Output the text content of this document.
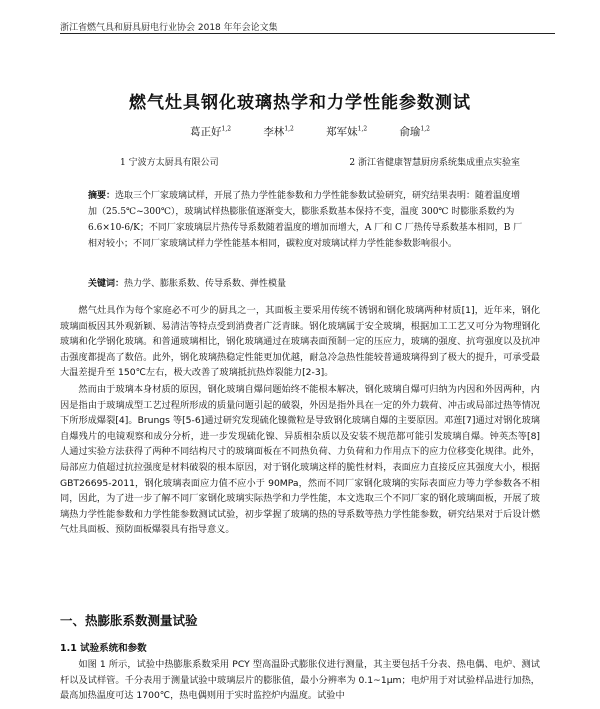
浙江省燃气具和厨具厨电行业协会 2018 年年会论文集
燃气灶具钢化玻璃热学和力学性能参数测试
葛正好$^{1,2}$	李林$^{1,2}$	郑军妹$^{1,2}$	俞瑜$^{1,2}$
1 宁波方太厨具有限公司	2 浙江省健康智慧厨房系统集成重点实验室
摘要：选取三个厂家玻璃试样，开展了热力学性能参数和力学性能参数试验研究，研究结果表明：随着温度增加（25.5℃~300℃），玻璃试样热膨胀值逐渐变大，膨胀系数基本保持不变，温度 300℃ 时膨胀系数约为 6.6×10-6/K；不同厂家玻璃层片热传导系数随着温度的增加而增大，A 厂和 C 厂热传导系数基本相同，B 厂相对较小；不同厂家玻璃试样力学性能基本相同，碳粒度对玻璃试样力学性能参数影响很小。
关键词：热力学、膨胀系数、传导系数、弹性模量

燃气灶具作为每个家庭必不可少的厨具之一，其面板主要采用传统不锈钢和钢化玻璃两种材质[1]，近年来，钢化玻璃面板因其外观新颖、易清洁等特点受到消费者广泛青睐。钢化玻璃属于安全玻璃，根据加工工艺又可分为物理钢化玻璃和化学钢化玻璃。和普通玻璃相比，钢化玻璃通过在玻璃表面预制一定的压应力，玻璃的强度、抗弯强度以及抗冲击强度都提高了数倍。此外，钢化玻璃热稳定性能更加优越，耐急冷急热性能较普通玻璃得到了极大的提升，可承受最大温差提升至 150℃左右，极大改善了玻璃抵抗热炸裂能力[2-3]。

然而由于玻璃本身材质的原因，钢化玻璃自爆问题始终不能根本解决，钢化玻璃自爆可归纳为内因和外因两种，内因是指由于玻璃成型工艺过程所形成的质量问题引起的破裂，外因是指外具在一定的外力载荷、冲击或局部过热等情况下所形成爆裂[4]。Brungs 等[5-6]通过研究发现硫化镍微粒是导致钢化玻璃自爆的主要原因。邓莲[7]通过对钢化玻璃自爆残片的电镜观察和成分分析，进一步发现硫化镍、异质相杂质以及安装不规范都可能引发玻璃自爆。钟英杰等[8]人通过实验方法获得了两种不同结构尺寸的玻璃面板在不同热负荷、力负荷和力作用点下的应力位移变化规律。此外，局部应力值超过抗拉强度是材料破裂的根本原因，对于钢化玻璃这样的脆性材料，表面应力直接反应其强度大小，根据 GBT26695-2011，钢化玻璃表面应力值不应小于 90MPa，然而不同厂家钢化玻璃的实际表面应力等力学参数各不相同，因此，为了进一步了解不同厂家钢化玻璃实际热学和力学性能，本文选取三个不同厂家的钢化玻璃面板，开展了玻璃热力学性能参数和力学性能参数测试试验，初步掌握了玻璃的热的导系数等热力学性能参数，研究结果对于后设计燃气灶具面板、预防面板爆裂具有指导意义。

一、热膨胀系数测量试验
1.1 试验系统和参数

如图 1 所示，试验中热膨胀系数采用 PCY 型高温卧式膨胀仪进行测量，其主要包括千分表、热电偶、电炉、测试杆以及试样管。千分表用于测量试验中玻璃层片的膨胀值，最小分辨率为 0.1~1μm；电炉用于对试验样品进行加热，最高加热温度可达 1700℃，热电偶则用于实时监控炉内温度。试验中
